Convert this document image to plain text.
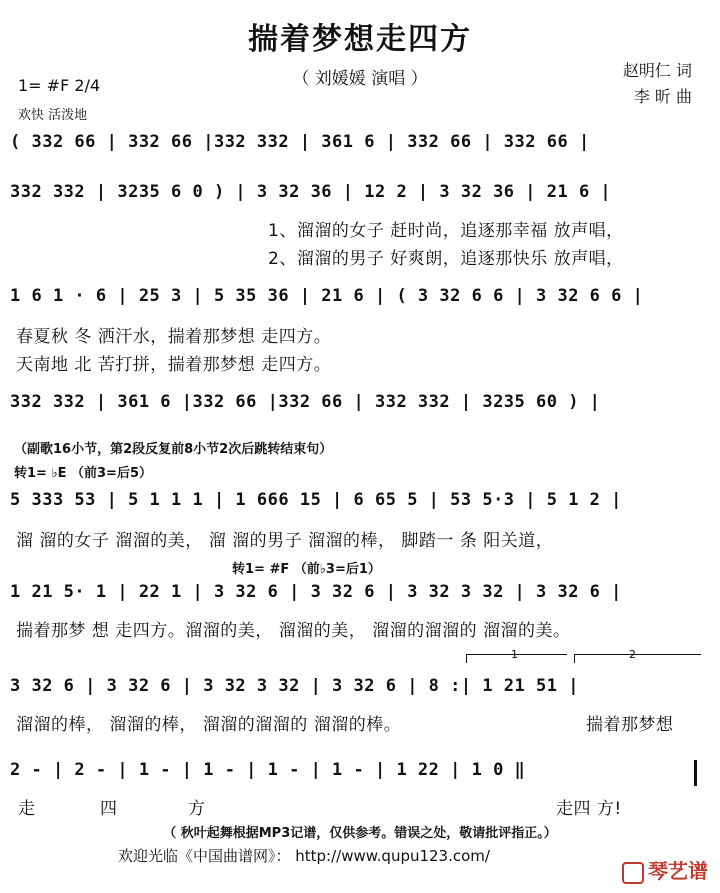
揣着梦想走四方
（ 刘媛媛 演唱 ）	赵明仁 词
李 昕 曲
1= #F 2/4
欢快 活泼地
( 332 66 | 332 66 |332 332 | 361 6 | 332 66 | 332 66 |
332 332 | 3235 6 0 ) | 3 32 36 | 12 2 | 3 32 36 | 21 6 |
1、溜溜的女子 赶时尚，追逐那幸福 放声唱，
2、溜溜的男子 好爽朗，追逐那快乐 放声唱，
1 6 1 · 6 | 25 3 | 5 35 36 | 21 6 | ( 3 32 6 6 | 3 32 6 6 |
春夏秋 冬 洒汗水，揣着那梦想 走四方。
天南地 北 苦打拼，揣着那梦想 走四方。
332 332 | 361 6 |332 66 |332 66 | 332 332 | 3235 60 ) |
（副歌16小节，第2段反复前8小节2次后跳转结束句）
转1= ♭E （前3=后5）
5 333 53 | 5 1 1 1 | 1 666 15 | 6 65 5 | 53 5·3 | 5 1 2 |
溜 溜的女子 溜溜的美， 溜 溜的男子 溜溜的棒， 脚踏一 条 阳关道，
转1= #F （前♭3=后1）
1 21 5· 1 | 22 1 | 3 32 6 | 3 32 6 | 3 32 3 32 | 3 32 6 |
揣着那梦 想 走四方。溜溜的美， 溜溜的美， 溜溜的溜溜的 溜溜的美。
1	2
3 32 6 | 3 32 6 | 3 32 3 32 | 3 32 6 | 8 :| 1 21 51 |
溜溜的棒， 溜溜的棒， 溜溜的溜溜的 溜溜的棒。	揣着那梦想
2 - | 2 - | 1 - | 1 - | 1 - | 1 - | 1 22 | 1 0 ‖
走	四	方	走四 方!
（ 秋叶起舞根据MP3记谱，仅供参考。错误之处，敬请批评指正。）
欢迎光临《中国曲谱网》： http://www.qupu123.com/
琴艺谱
